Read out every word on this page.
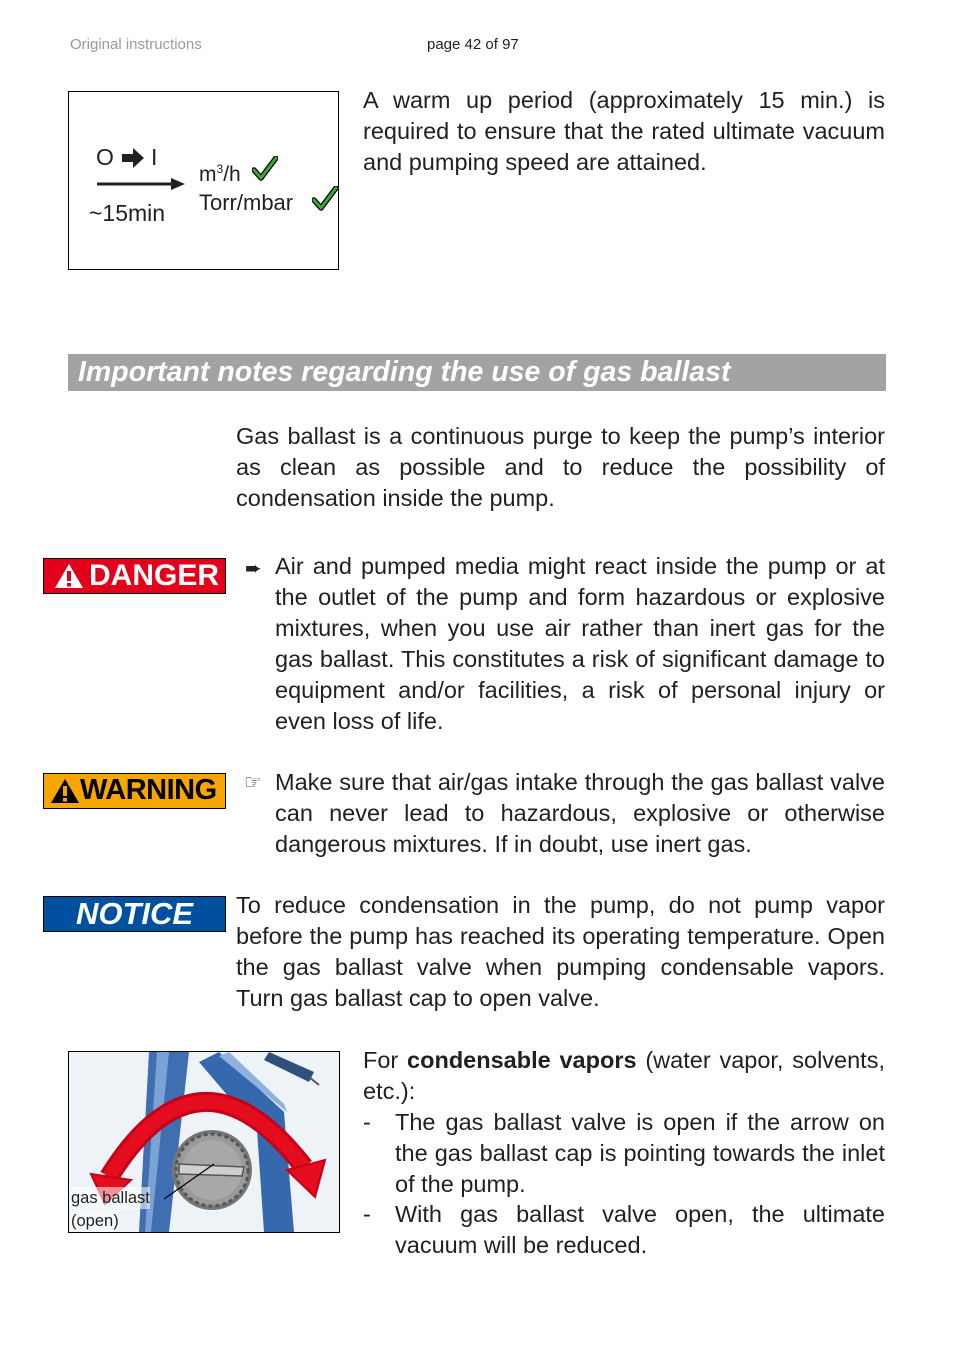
Original instructions	page 42 of 97
O I
~15min
$m^3/h$
Torr/mbar
A warm up period (approximately 15 min.) is required to ensure that the rated ultimate vacuum and pumping speed are attained.
Important notes regarding the use of gas ballast
Gas ballast is a continuous purge to keep the pump’s interior as clean as possible and to reduce the possibility of condensation inside the pump.
DANGER ➨ Air and pumped media might react inside the pump or at the outlet of the pump and form hazardous or explosive mixtures, when you use air rather than inert gas for the gas ballast. This constitutes a risk of significant damage to equipment and/or facilities, a risk of personal injury or even loss of life.
WARNING ☞ Make sure that air/gas intake through the gas ballast valve can never lead to hazardous, explosive or otherwise dangerous mixtures. If in doubt, use inert gas.
NOTICE	To reduce condensation in the pump, do not pump vapor before the pump has reached its operating temperature. Open the gas ballast valve when pumping condensable vapors. Turn gas ballast cap to open valve.
gas ballast
(open)
For condensable vapors (water vapor, solvents, etc.):
- The gas ballast valve is open if the arrow on the gas ballast cap is pointing towards the inlet of the pump.
- With gas ballast valve open, the ultimate vacuum will be reduced.
